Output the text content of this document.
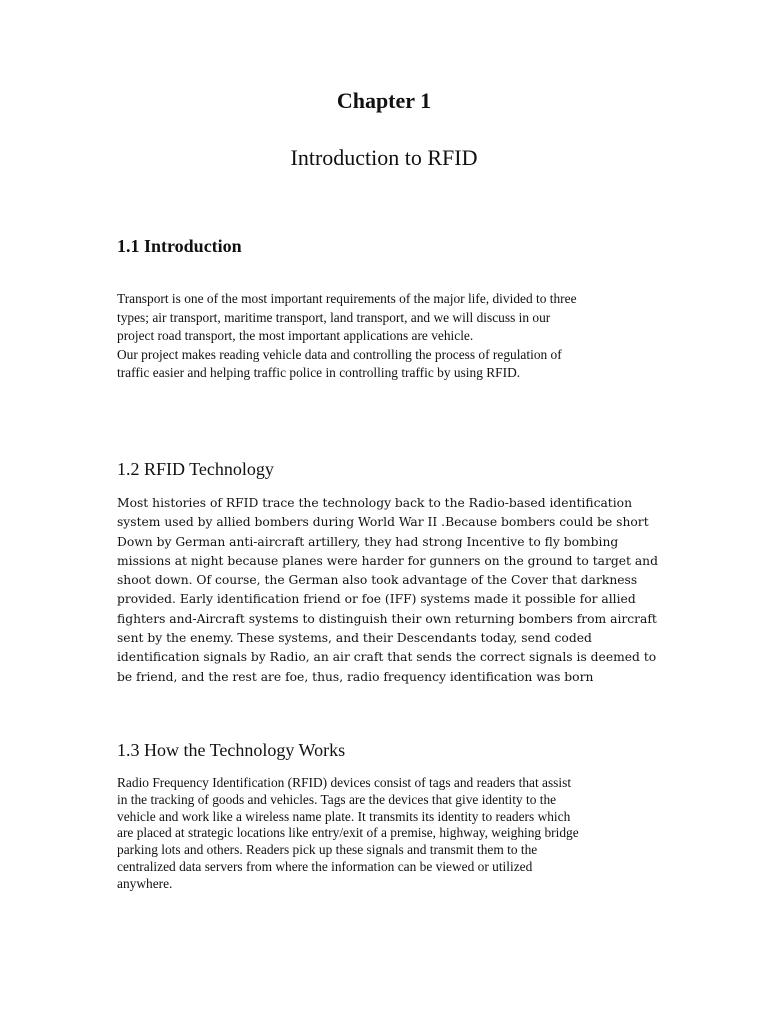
Chapter 1
Introduction to RFID
1.1 Introduction

Transport is one of the most important requirements of the major life, divided to three
types; air transport, maritime transport, land transport, and we will discuss in our
project road transport, the most important applications are vehicle.
Our project makes reading vehicle data and controlling the process of regulation of
traffic easier and helping traffic police in controlling traffic by using RFID.

1.2 RFID Technology

Most histories of RFID trace the technology back to the Radio-based identification
system used by allied bombers during World War II .Because bombers could be short
Down by German anti-aircraft artillery, they had strong Incentive to fly bombing
missions at night because planes were harder for gunners on the ground to target and
shoot down. Of course, the German also took advantage of the Cover that darkness
provided. Early identification friend or foe (IFF) systems made it possible for allied
fighters and-Aircraft systems to distinguish their own returning bombers from aircraft
sent by the enemy. These systems, and their Descendants today, send coded
identification signals by Radio, an air craft that sends the correct signals is deemed to
be friend, and the rest are foe, thus, radio frequency identification was born

1.3 How the Technology Works

Radio Frequency Identification (RFID) devices consist of tags and readers that assist
in the tracking of goods and vehicles. Tags are the devices that give identity to the
vehicle and work like a wireless name plate. It transmits its identity to readers which
are placed at strategic locations like entry/exit of a premise, highway, weighing bridge
parking lots and others. Readers pick up these signals and transmit them to the
centralized data servers from where the information can be viewed or utilized
anywhere.
